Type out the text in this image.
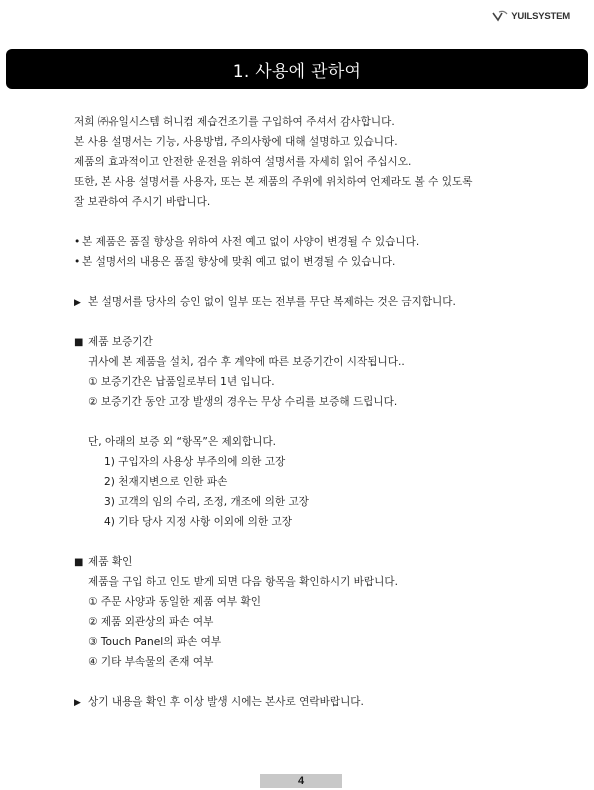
YUILSYSTEM
1. 사용에 관하여
저희 ㈜유일시스템 허니컴 제습건조기를 구입하여 주셔서 감사합니다.
본 사용 설명서는 기능, 사용방법, 주의사항에 대해 설명하고 있습니다.
제품의 효과적이고 안전한 운전을 위하여 설명서를 자세히 읽어 주십시오.
또한, 본 사용 설명서를 사용자, 또는 본 제품의 주위에 위치하여 언제라도 볼 수 있도록
잘 보관하여 주시기 바랍니다.
• 본 제품은 품질 향상을 위하여 사전 예고 없이 사양이 변경될 수 있습니다.
• 본 설명서의 내용은 품질 향상에 맞춰 예고 없이 변경될 수 있습니다.
▶ 본 설명서를 당사의 승인 없이 일부 또는 전부를 무단 복제하는 것은 금지합니다.
■ 제품 보증기간
귀사에 본 제품을 설치, 검수 후 계약에 따른 보증기간이 시작됩니다..
① 보증기간은 납품일로부터 1년 입니다.
② 보증기간 동안 고장 발생의 경우는 무상 수리를 보증해 드립니다.
단, 아래의 보증 외 “항목”은 제외합니다.
1) 구입자의 사용상 부주의에 의한 고장
2) 천재지변으로 인한 파손
3) 고객의 임의 수리, 조정, 개조에 의한 고장
4) 기타 당사 지정 사항 이외에 의한 고장
■ 제품 확인
제품을 구입 하고 인도 받게 되면 다음 항목을 확인하시기 바랍니다.
① 주문 사양과 동일한 제품 여부 확인
② 제품 외관상의 파손 여부
③ Touch Panel의 파손 여부
④ 기타 부속물의 존재 여부
▶ 상기 내용을 확인 후 이상 발생 시에는 본사로 연락바랍니다.
4
